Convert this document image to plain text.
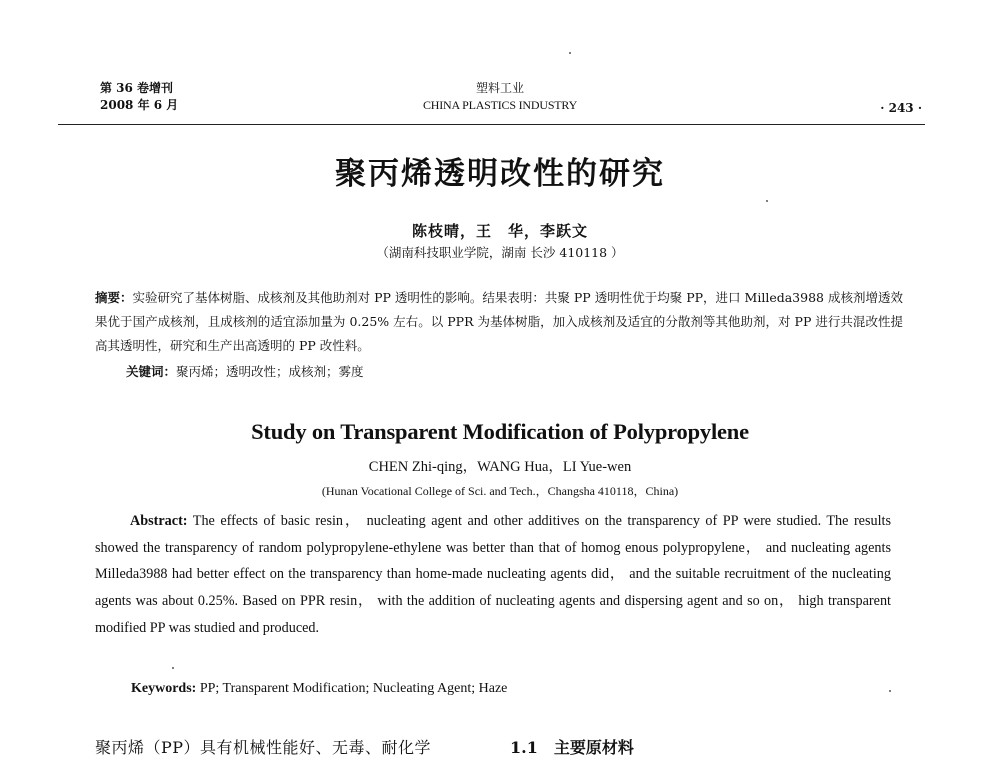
第 36 卷增刊
2008 年 6 月
塑料工业
CHINA PLASTICS INDUSTRY	· 243 ·
聚丙烯透明改性的研究
陈枝晴，王　华，李跃文
（湖南科技职业学院，湖南 长沙 410118 ）
摘要：实验研究了基体树脂、成核剂及其他助剂对 PP 透明性的影响。结果表明：共聚 PP 透明性优于均聚 PP，进口 Milleda3988 成核剂增透效果优于国产成核剂，且成核剂的适宜添加量为 0.25% 左右。以 PPR 为基体树脂，加入成核剂及适宜的分散剂等其他助剂，对 PP 进行共混改性提高其透明性，研究和生产出高透明的 PP 改性料。
关键词：聚丙烯；透明改性；成核剂；雾度
Study on Transparent Modification of Polypropylene
CHEN Zhi-qing，WANG Hua，LI Yue-wen
(Hunan Vocational College of Sci. and Tech.，Changsha 410118，China)
Abstract: The effects of basic resin， nucleating agent and other additives on the transparency of PP were studied. The results showed the transparency of random polypropylene-ethylene was better than that of homog enous polypropylene， and nucleating agents Milleda3988 had better effect on the transparency than home-made nucleating agents did， and the suitable recruitment of the nucleating agents was about 0.25%. Based on PPR resin， with the addition of nucleating agents and dispersing agent and so on， high transparent modified PP was studied and produced.
Keywords: PP; Transparent Modification; Nucleating Agent; Haze
聚丙烯（PP）具有机械性能好、无毒、耐化学	1.1　主要原材料
